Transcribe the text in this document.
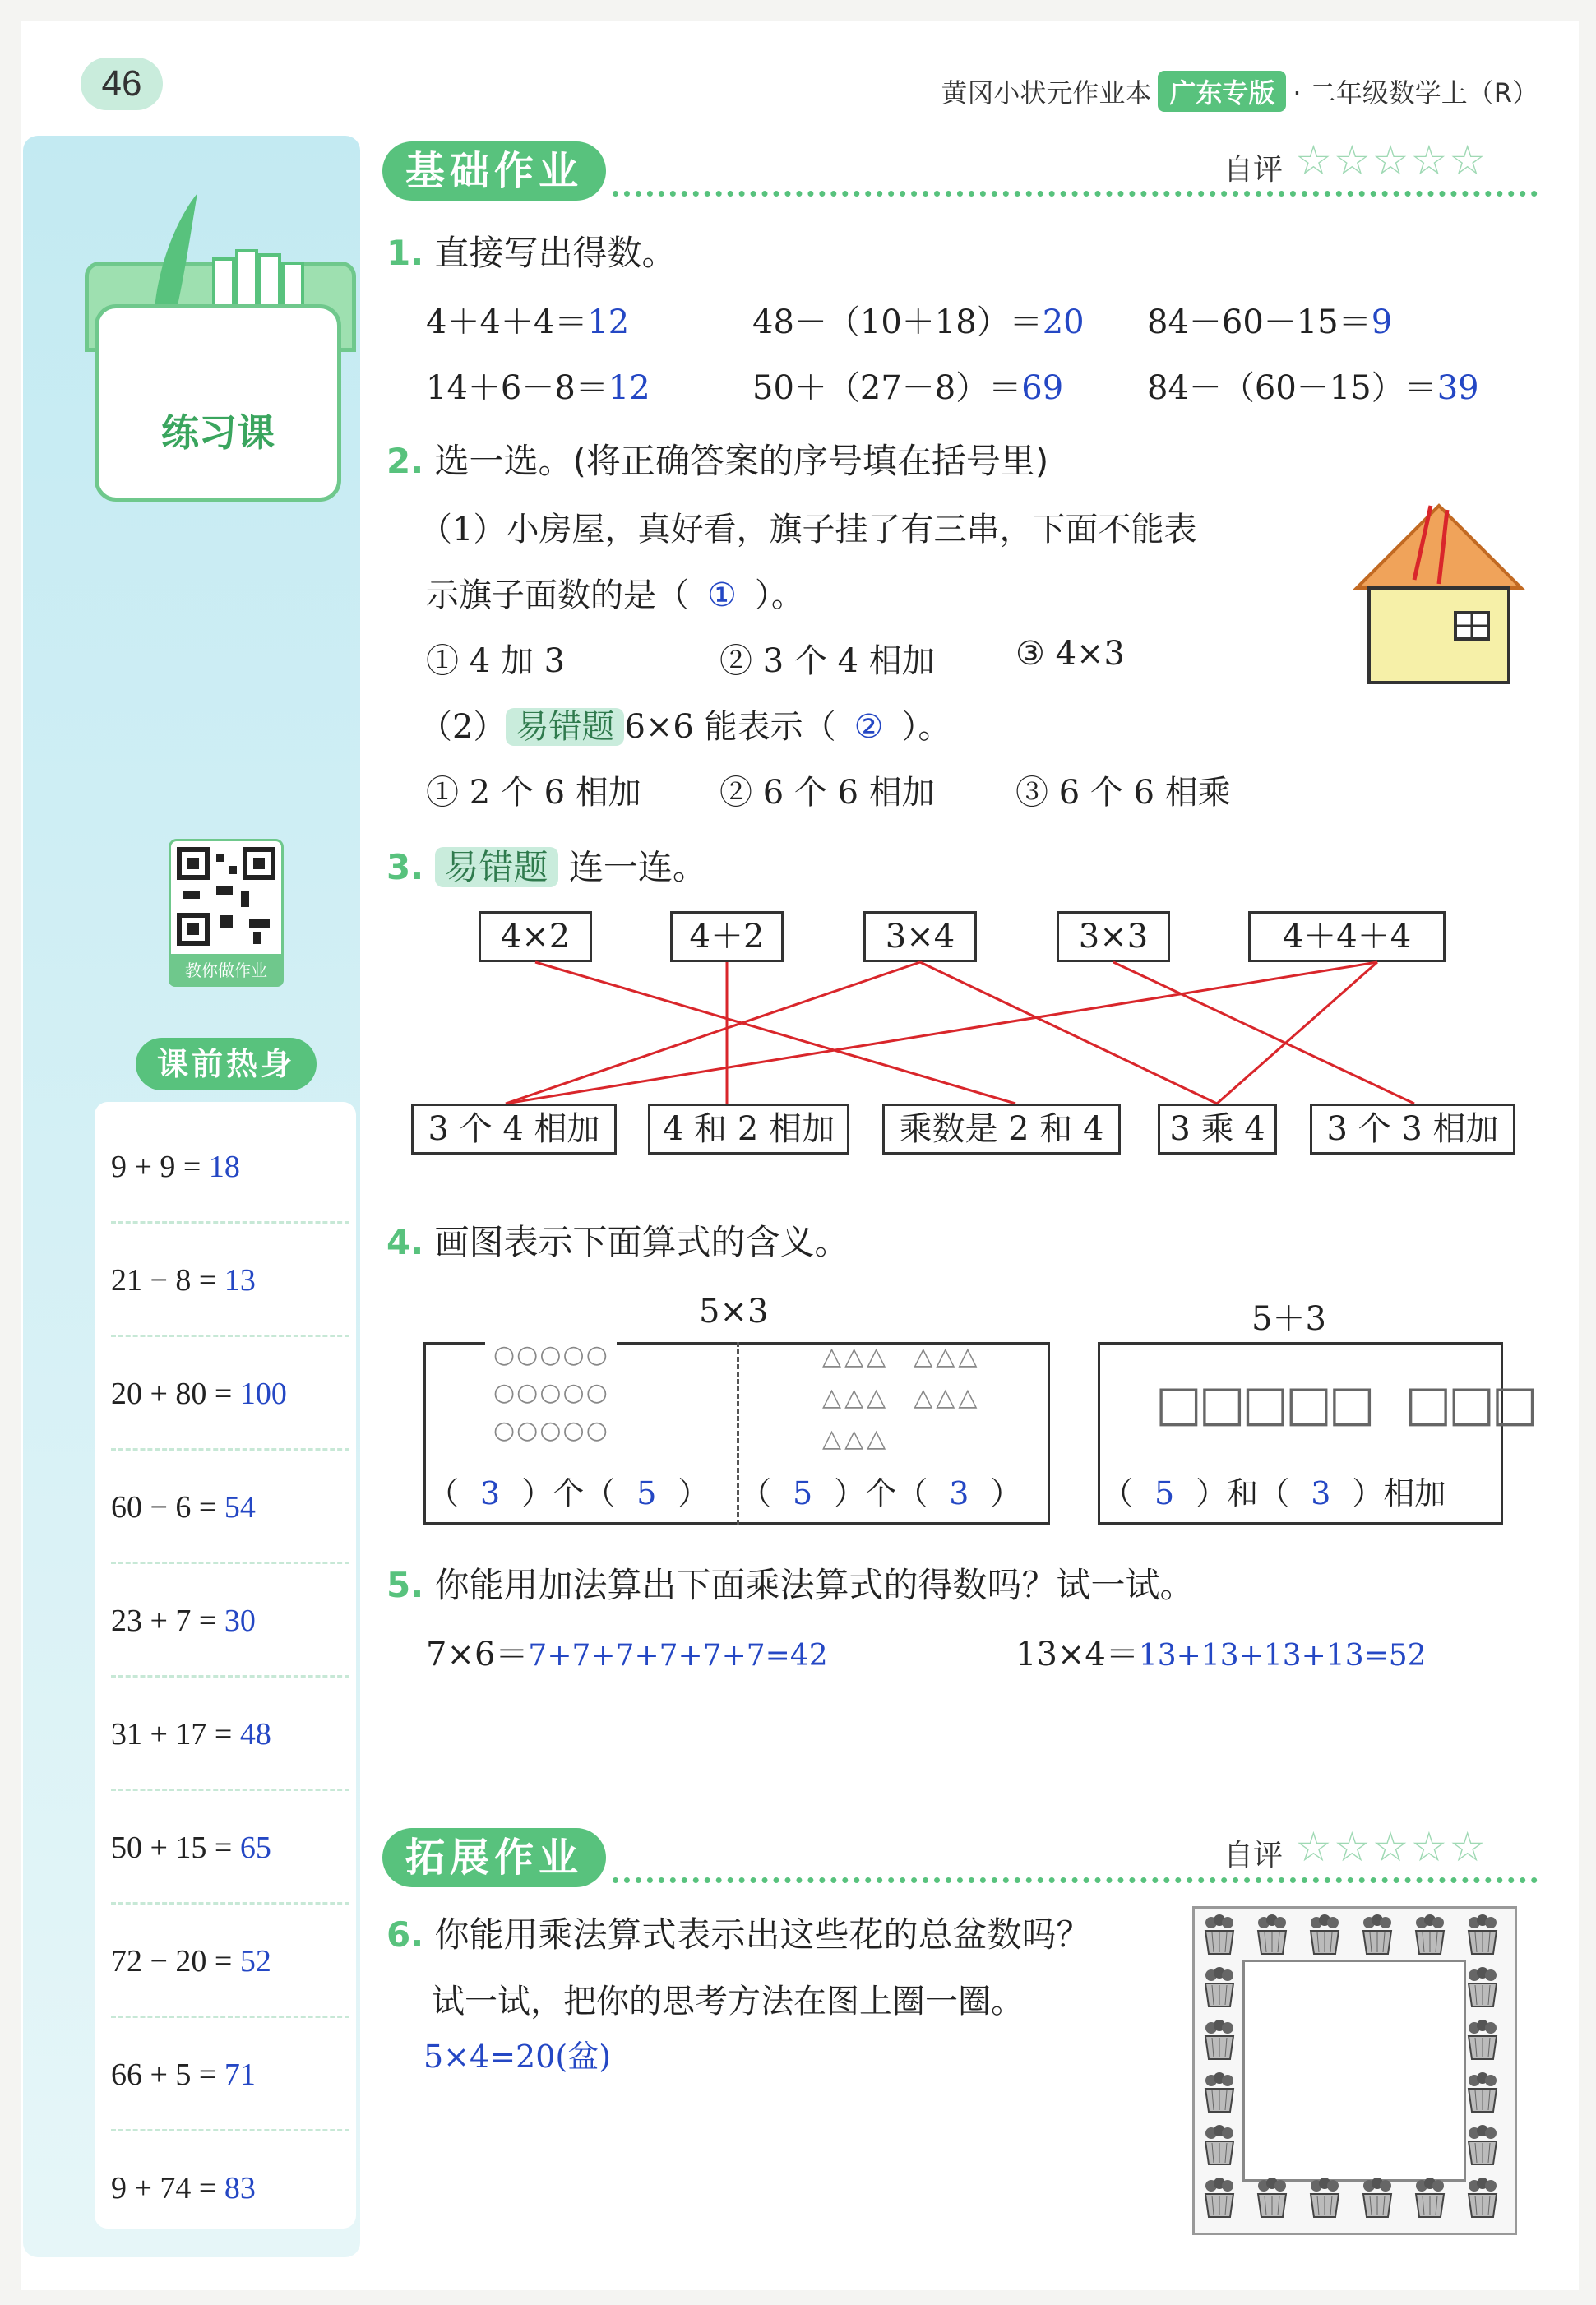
46	黄冈小状元作业本 广东专版 · 二年级数学上（R）
练习课
教你做作业
课前热身
9 + 9 = 18
21 − 8 = 13
20 + 80 = 100
60 − 6 = 54
23 + 7 = 30
31 + 17 = 48
50 + 15 = 65
72 − 20 = 52
66 + 5 = 71
9 + 74 = 83
基础作业	自评 ☆☆☆☆☆
1. 直接写出得数。
4＋4＋4＝12	48－（10＋18）＝20 84－60－15＝9
14＋6－8＝12	50＋（27－8）＝69	84－（60－15）＝39
2. 选一选。(将正确答案的序号填在括号里)
（1）小房屋，真好看，旗子挂了有三串，下面不能表
示旗子面数的是（ ① ）。
① 4 加 3	② 3 个 4 相加 ③ 4×3
（2） 易错题 6×6 能表示（ ② ）。
① 2 个 6 相加 ② 6 个 6 相加 ③ 6 个 6 相乘
3. 易错题 连一连。
4×2	4＋2	3×4	3×3	4＋4＋4
3 个 4 相加	4 和 2 相加	乘数是 2 和 4	3 乘 4	3 个 3 相加
4. 画图表示下面算式的含义。
5×3	5＋3
○○○○○
○○○○○
○○○○○
△△△ △△△
△△△ △△△
△△△
（ 3 ）个（ 5 ） （ 5 ）个（ 3 ）
□□□□□ □□□
（ 5 ）和（ 3 ）相加
5. 你能用加法算出下面乘法算式的得数吗？试一试。
7×6＝7+7+7+7+7+7=42	13×4＝13+13+13+13=52
拓展作业	自评 ☆☆☆☆☆
6. 你能用乘法算式表示出这些花的总盆数吗？
试一试，把你的思考方法在图上圈一圈。
5×4=20(盆)
